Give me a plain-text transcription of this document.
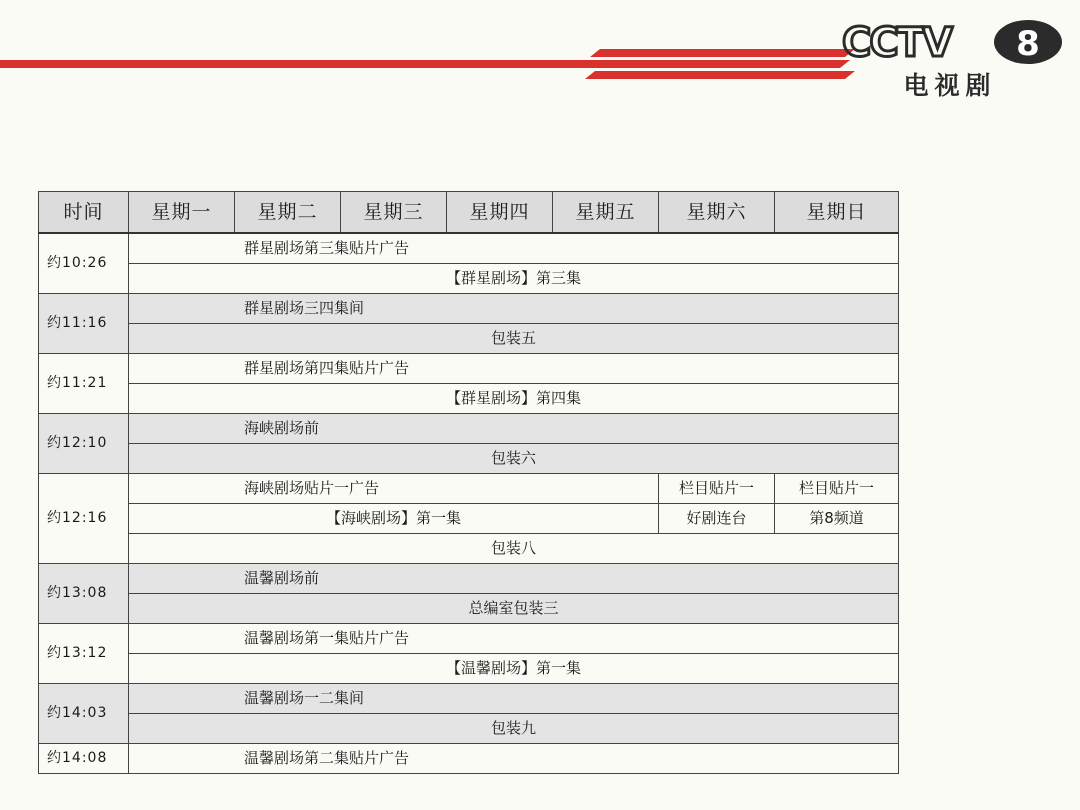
CCTV 8
电视剧
时间	星期一	星期二	星期三	星期四	星期五	星期六	星期日
约10:26	群星剧场第三集贴片广告						
	【群星剧场】第三集						
约11:16	群星剧场三四集间						
	包装五						
约11:21	群星剧场第四集贴片广告						
	【群星剧场】第四集						
约12:10	海峡剧场前						
	包装六						
约12:16	海峡剧场贴片一广告					栏目贴片一	栏目贴片一
	【海峡剧场】第一集					好剧连台	第8频道
	包装八						
约13:08	温馨剧场前						
	总编室包装三						
约13:12	温馨剧场第一集贴片广告						
	【温馨剧场】第一集						
约14:03	温馨剧场一二集间						
	包装九						
约14:08	温馨剧场第二集贴片广告						
